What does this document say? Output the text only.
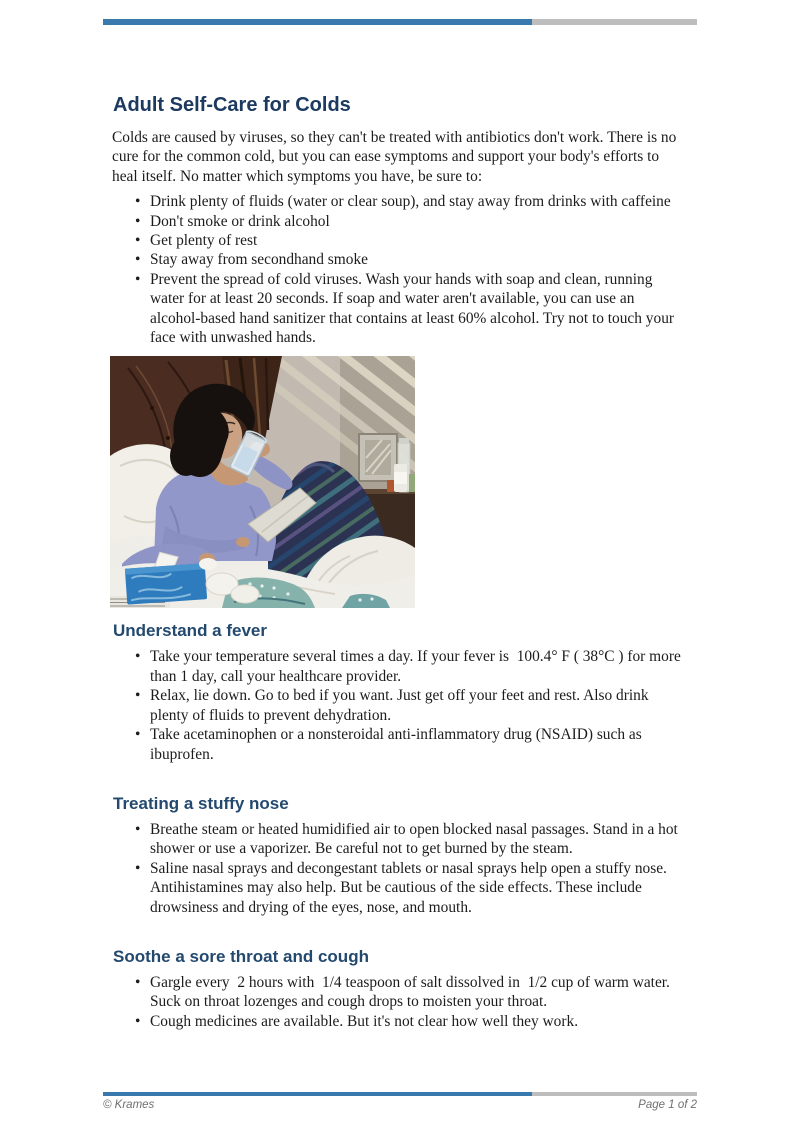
Adult Self-Care for Colds

Colds are caused by viruses, so they can't be treated with antibiotics don't work. There is no cure for the common cold, but you can ease symptoms and support your body's efforts to heal itself. No matter which symptoms you have, be sure to:

• Drink plenty of fluids (water or clear soup), and stay away from drinks with caffeine
• Don't smoke or drink alcohol
• Get plenty of rest
• Stay away from secondhand smoke
• Prevent the spread of cold viruses. Wash your hands with soap and clean, running water for at least 20 seconds. If soap and water aren't available, you can use an alcohol-based hand sanitizer that contains at least 60% alcohol. Try not to touch your face with unwashed hands.
Understand a fever
• Take your temperature several times a day. If your fever is  100.4° F ( 38°C ) for more than 1 day, call your healthcare provider.
• Relax, lie down. Go to bed if you want. Just get off your feet and rest. Also drink plenty of fluids to prevent dehydration.
• Take acetaminophen or a nonsteroidal anti-inflammatory drug (NSAID) such as ibuprofen.
Treating a stuffy nose
• Breathe steam or heated humidified air to open blocked nasal passages. Stand in a hot shower or use a vaporizer. Be careful not to get burned by the steam.
• Saline nasal sprays and decongestant tablets or nasal sprays help open a stuffy nose. Antihistamines may also help. But be cautious of the side effects. These include drowsiness and drying of the eyes, nose, and mouth.
Soothe a sore throat and cough
• Gargle every  2 hours with  1/4 teaspoon of salt dissolved in  1/2 cup of warm water. Suck on throat lozenges and cough drops to moisten your throat.
• Cough medicines are available. But it's not clear how well they work.
© Krames	Page 1 of 2
